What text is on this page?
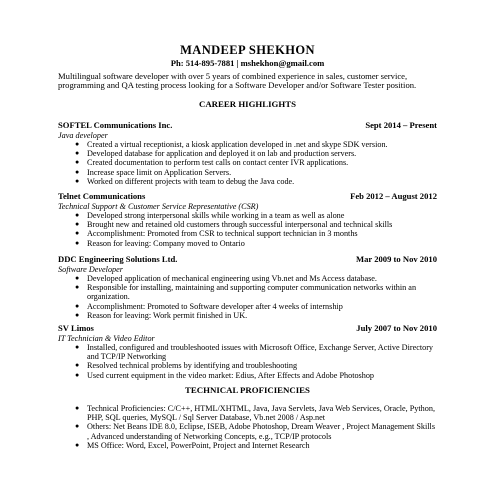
MANDEEP SHEKHON
Ph: 514-895-7881 | mshekhon@gmail.com
Multilingual software developer with over 5 years of combined experience in sales, customer service, programming and QA testing process looking for a Software Developer and/or Software Tester position.
CAREER HIGHLIGHTS
SOFTEL Communications Inc.	Sept 2014 – Present
Java developer
● Created a virtual receptionist, a kiosk application developed in .net and skype SDK version.
● Developed database for application and deployed it on lab and production servers.
● Created documentation to perform test calls on contact center IVR applications.
● Increase space limit on Application Servers.
● Worked on different projects with team to debug the Java code.
Telnet Communications	Feb 2012 – August 2012
Technical Support & Customer Service Representative (CSR)
● Developed strong interpersonal skills while working in a team as well as alone
● Brought new and retained old customers through successful interpersonal and technical skills
● Accomplishment: Promoted from CSR to technical support technician in 3 months
● Reason for leaving: Company moved to Ontario
DDC Engineering Solutions Ltd.	Mar 2009 to Nov 2010
Software Developer
● Developed application of mechanical engineering using Vb.net and Ms Access database.
● Responsible for installing, maintaining and supporting computer communication networks within an organization.
● Accomplishment: Promoted to Software developer after 4 weeks of internship
● Reason for leaving: Work permit finished in UK.
SV Limos	July 2007 to Nov 2010
IT Technician & Video Editor
● Installed, configured and troubleshooted issues with Microsoft Office, Exchange Server, Active Directory and TCP/IP Networking
● Resolved technical problems by identifying and troubleshooting
● Used current equipment in the video market: Edius, After Effects and Adobe Photoshop
TECHNICAL PROFICIENCIES
● Technical Proficiencies: C/C++, HTML/XHTML, Java, Java Servlets, Java Web Services, Oracle, Python, PHP, SQL queries, MySQL / Sql Server Database, Vb.net 2008 / Asp.net
● Others: Net Beans IDE 8.0, Eclipse, ISEB, Adobe Photoshop, Dream Weaver , Project Management Skills , Advanced understanding of Networking Concepts, e.g., TCP/IP protocols
● MS Office: Word, Excel, PowerPoint, Project and Internet Research
